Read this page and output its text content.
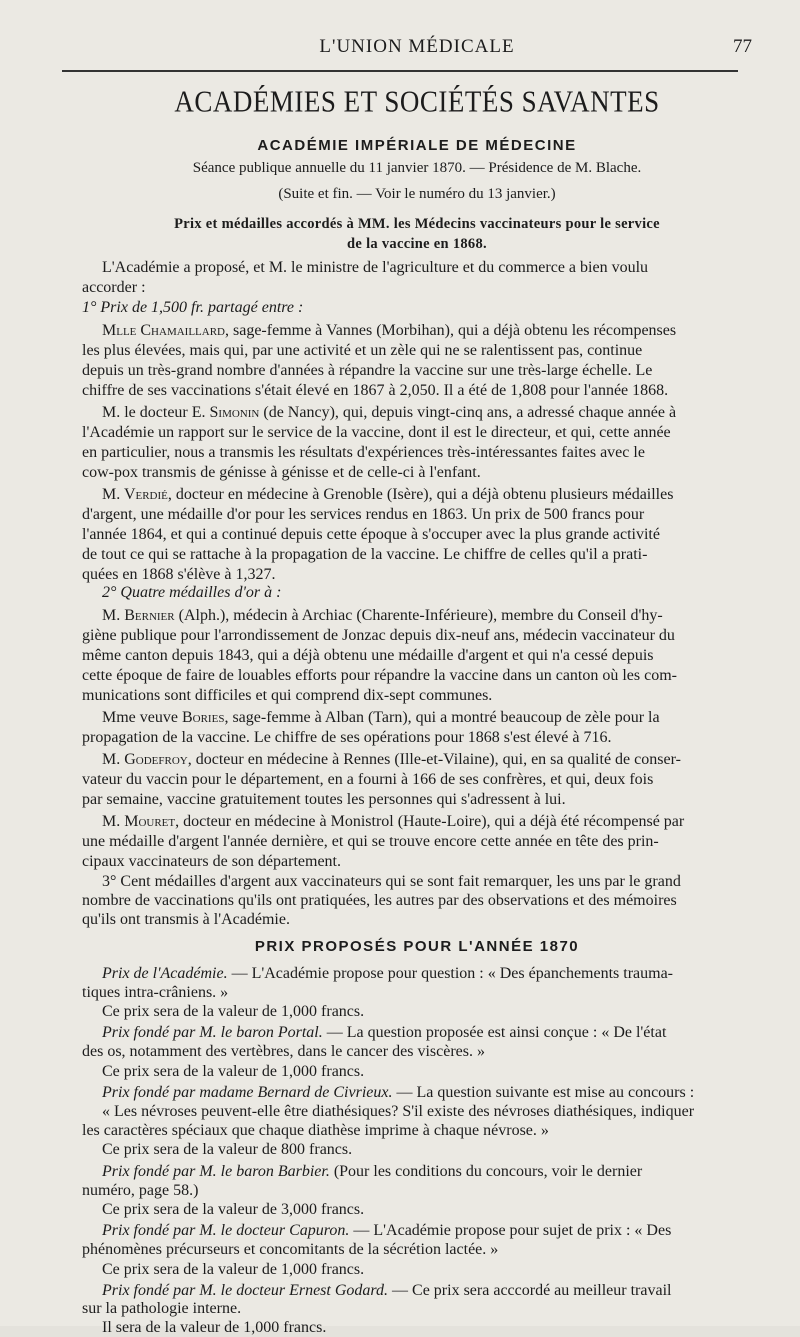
L'UNION MÉDICALE	77
ACADÉMIES ET SOCIÉTÉS SAVANTES
ACADÉMIE IMPÉRIALE DE MÉDECINE
Séance publique annuelle du 11 janvier 1870. — Présidence de M. Blache.
(Suite et fin. — Voir le numéro du 13 janvier.)
Prix et médailles accordés à MM. les Médecins vaccinateurs pour le service
de la vaccine en 1868.

L'Académie a proposé, et M. le ministre de l'agriculture et du commerce a bien voulu

accorder :

1° Prix de 1,500 fr. partagé entre :

Mlle Chamaillard, sage-femme à Vannes (Morbihan), qui a déjà obtenu les récompenses

les plus élevées, mais qui, par une activité et un zèle qui ne se ralentissent pas, continue

depuis un très-grand nombre d'années à répandre la vaccine sur une très-large échelle. Le

chiffre de ses vaccinations s'était élevé en 1867 à 2,050. Il a été de 1,808 pour l'année 1868.

M. le docteur E. Simonin (de Nancy), qui, depuis vingt-cinq ans, a adressé chaque année à

l'Académie un rapport sur le service de la vaccine, dont il est le directeur, et qui, cette année

en particulier, nous a transmis les résultats d'expériences très-intéressantes faites avec le

cow-pox transmis de génisse à génisse et de celle-ci à l'enfant.

M. Verdié, docteur en médecine à Grenoble (Isère), qui a déjà obtenu plusieurs médailles

d'argent, une médaille d'or pour les services rendus en 1863. Un prix de 500 francs pour

l'année 1864, et qui a continué depuis cette époque à s'occuper avec la plus grande activité

de tout ce qui se rattache à la propagation de la vaccine. Le chiffre de celles qu'il a prati-

quées en 1868 s'élève à 1,327.

2° Quatre médailles d'or à :

M. Bernier (Alph.), médecin à Archiac (Charente-Inférieure), membre du Conseil d'hy-

giène publique pour l'arrondissement de Jonzac depuis dix-neuf ans, médecin vaccinateur du

même canton depuis 1843, qui a déjà obtenu une médaille d'argent et qui n'a cessé depuis

cette époque de faire de louables efforts pour répandre la vaccine dans un canton où les com-

munications sont difficiles et qui comprend dix-sept communes.

Mme veuve Bories, sage-femme à Alban (Tarn), qui a montré beaucoup de zèle pour la

propagation de la vaccine. Le chiffre de ses opérations pour 1868 s'est élevé à 716.

M. Godefroy, docteur en médecine à Rennes (Ille-et-Vilaine), qui, en sa qualité de conser-

vateur du vaccin pour le département, en a fourni à 166 de ses confrères, et qui, deux fois

par semaine, vaccine gratuitement toutes les personnes qui s'adressent à lui.

M. Mouret, docteur en médecine à Monistrol (Haute-Loire), qui a déjà été récompensé par

une médaille d'argent l'année dernière, et qui se trouve encore cette année en tête des prin-

cipaux vaccinateurs de son département.

3° Cent médailles d'argent aux vaccinateurs qui se sont fait remarquer, les uns par le grand

nombre de vaccinations qu'ils ont pratiquées, les autres par des observations et des mémoires

qu'ils ont transmis à l'Académie.

PRIX PROPOSÉS POUR L'ANNÉE 1870

Prix de l'Académie. — L'Académie propose pour question : « Des épanchements trauma-

tiques intra-crâniens. »

Ce prix sera de la valeur de 1,000 francs.

Prix fondé par M. le baron Portal. — La question proposée est ainsi conçue : « De l'état

des os, notamment des vertèbres, dans le cancer des viscères. »

Ce prix sera de la valeur de 1,000 francs.

Prix fondé par madame Bernard de Civrieux. — La question suivante est mise au concours :

« Les névroses peuvent-elle être diathésiques? S'il existe des névroses diathésiques, indiquer

les caractères spéciaux que chaque diathèse imprime à chaque névrose. »

Ce prix sera de la valeur de 800 francs.

Prix fondé par M. le baron Barbier. (Pour les conditions du concours, voir le dernier

numéro, page 58.)

Ce prix sera de la valeur de 3,000 francs.

Prix fondé par M. le docteur Capuron. — L'Académie propose pour sujet de prix : « Des

phénomènes précurseurs et concomitants de la sécrétion lactée. »

Ce prix sera de la valeur de 1,000 francs.

Prix fondé par M. le docteur Ernest Godard. — Ce prix sera acccordé au meilleur travail

sur la pathologie interne.
Il sera de la valeur de 1,000 francs.
